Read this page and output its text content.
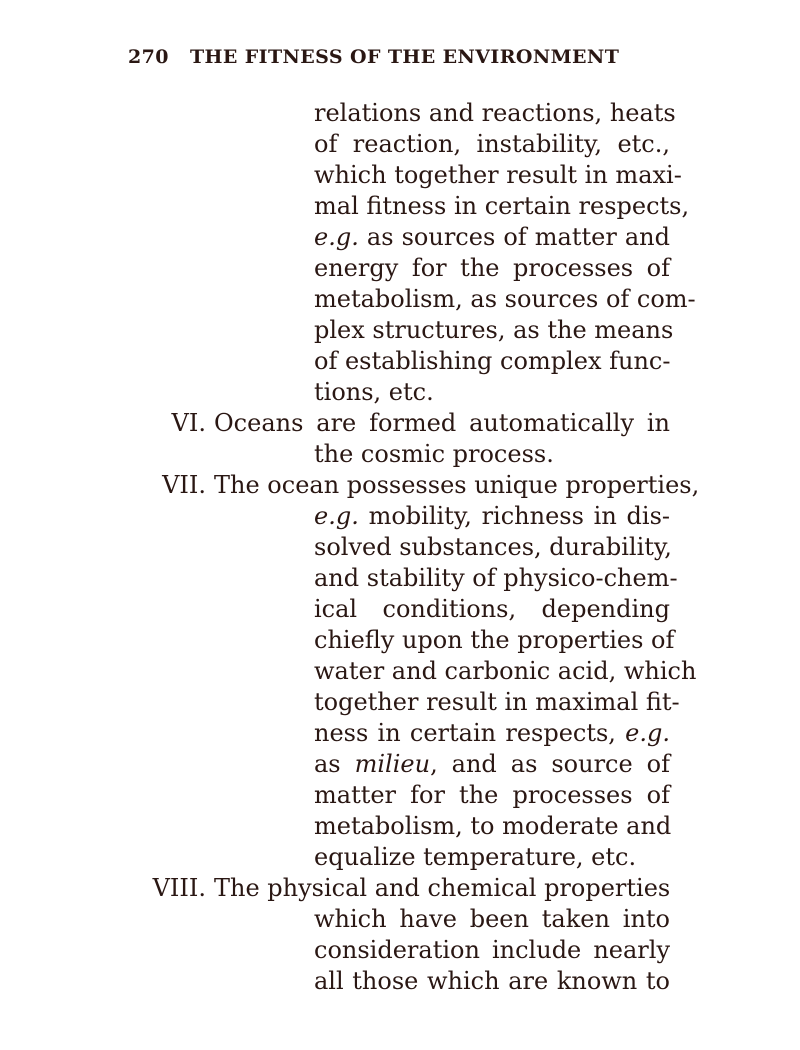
270 THE FITNESS OF THE ENVIRONMENT
relations and reactions, heats
of reaction, instability, etc.,
which together result in maxi-
mal fitness in certain respects,
e.g. as sources of matter and
energy for the processes of
metabolism, as sources of com-
plex structures, as the means
of establishing complex func-
tions, etc.
VI. Oceans are formed automatically in
the cosmic process.
VII. The ocean possesses unique properties,
e.g. mobility, richness in dis-
solved substances, durability,
and stability of physico-chem-
ical conditions, depending
chiefly upon the properties of
water and carbonic acid, which
together result in maximal fit-
ness in certain respects, e.g.
as milieu, and as source of
matter for the processes of
metabolism, to moderate and
equalize temperature, etc.
VIII. The physical and chemical properties
which have been taken into
consideration include nearly
all those which are known to
